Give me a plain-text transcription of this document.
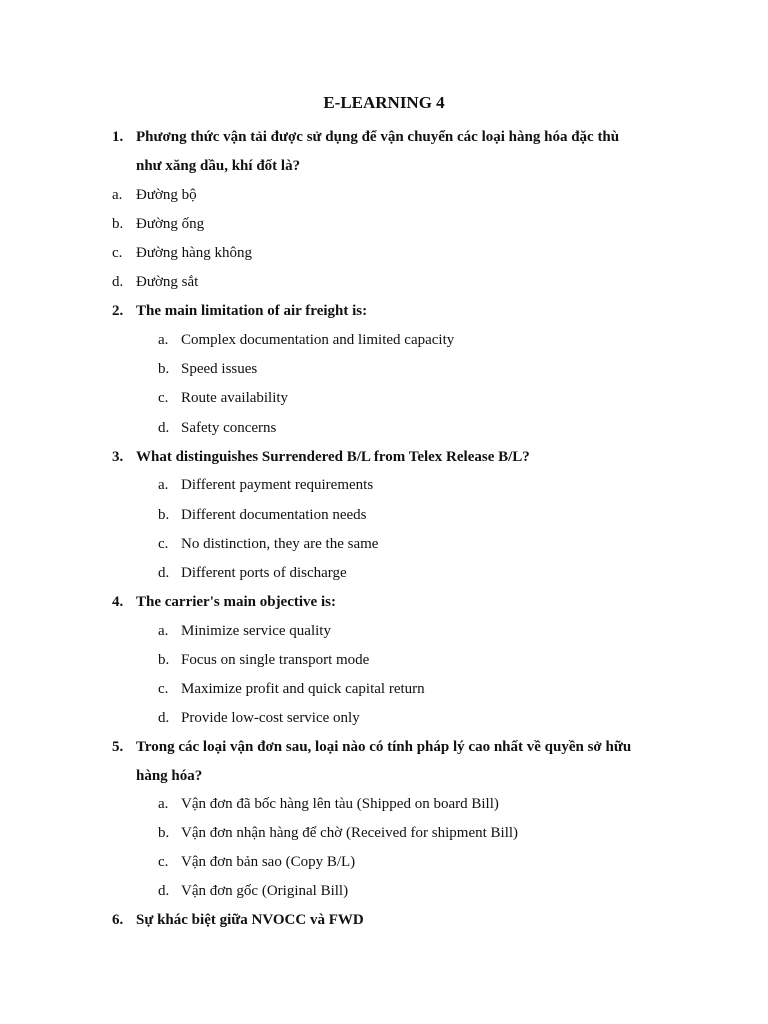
E-LEARNING 4
1. Phương thức vận tải được sử dụng để vận chuyển các loại hàng hóa đặc thù
như xăng dầu, khí đốt là?
a. Đường bộ
b. Đường ống
c. Đường hàng không
d. Đường sắt
2. The main limitation of air freight is:
a. Complex documentation and limited capacity
b. Speed issues
c. Route availability
d. Safety concerns
3. What distinguishes Surrendered B/L from Telex Release B/L?
a. Different payment requirements
b. Different documentation needs
c. No distinction, they are the same
d. Different ports of discharge
4. The carrier's main objective is:
a. Minimize service quality
b. Focus on single transport mode
c. Maximize profit and quick capital return
d. Provide low-cost service only
5. Trong các loại vận đơn sau, loại nào có tính pháp lý cao nhất về quyền sở hữu
hàng hóa?
a. Vận đơn đã bốc hàng lên tàu (Shipped on board Bill)
b. Vận đơn nhận hàng để chờ (Received for shipment Bill)
c. Vận đơn bản sao (Copy B/L)
d. Vận đơn gốc (Original Bill)
6. Sự khác biệt giữa NVOCC và FWD
